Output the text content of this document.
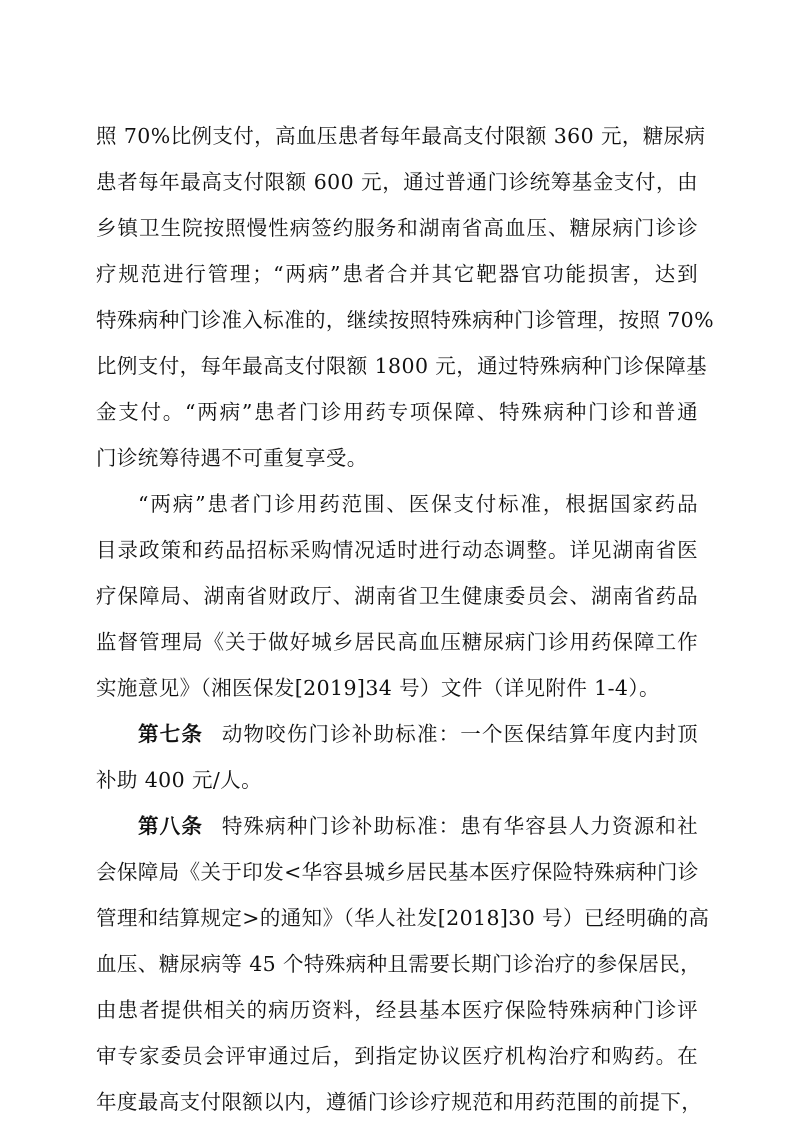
照 70%比例支付，高血压患者每年最高支付限额 360 元，糖尿病
患者每年最高支付限额 600 元，通过普通门诊统筹基金支付，由
乡镇卫生院按照慢性病签约服务和湖南省高血压、糖尿病门诊诊
疗规范进行管理；“两病”患者合并其它靶器官功能损害，达到
特殊病种门诊准入标准的，继续按照特殊病种门诊管理，按照 70%
比例支付，每年最高支付限额 1800 元，通过特殊病种门诊保障基
金支付。“两病”患者门诊用药专项保障、特殊病种门诊和普通
门诊统筹待遇不可重复享受。
“两病”患者门诊用药范围、医保支付标准，根据国家药品
目录政策和药品招标采购情况适时进行动态调整。详见湖南省医
疗保障局、湖南省财政厅、湖南省卫生健康委员会、湖南省药品
监督管理局《关于做好城乡居民高血压糖尿病门诊用药保障工作
实施意见》（湘医保发[2019]34 号）文件（详见附件 1-4）。
第七条 动物咬伤门诊补助标准：一个医保结算年度内封顶
补助 400 元/人。
第八条 特殊病种门诊补助标准：患有华容县人力资源和社
会保障局《关于印发<华容县城乡居民基本医疗保险特殊病种门诊
管理和结算规定>的通知》（华人社发[2018]30 号）已经明确的高
血压、糖尿病等 45 个特殊病种且需要长期门诊治疗的参保居民，
由患者提供相关的病历资料，经县基本医疗保险特殊病种门诊评
审专家委员会评审通过后，到指定协议医疗机构治疗和购药。在
年度最高支付限额以内，遵循门诊诊疗规范和用药范围的前提下，
